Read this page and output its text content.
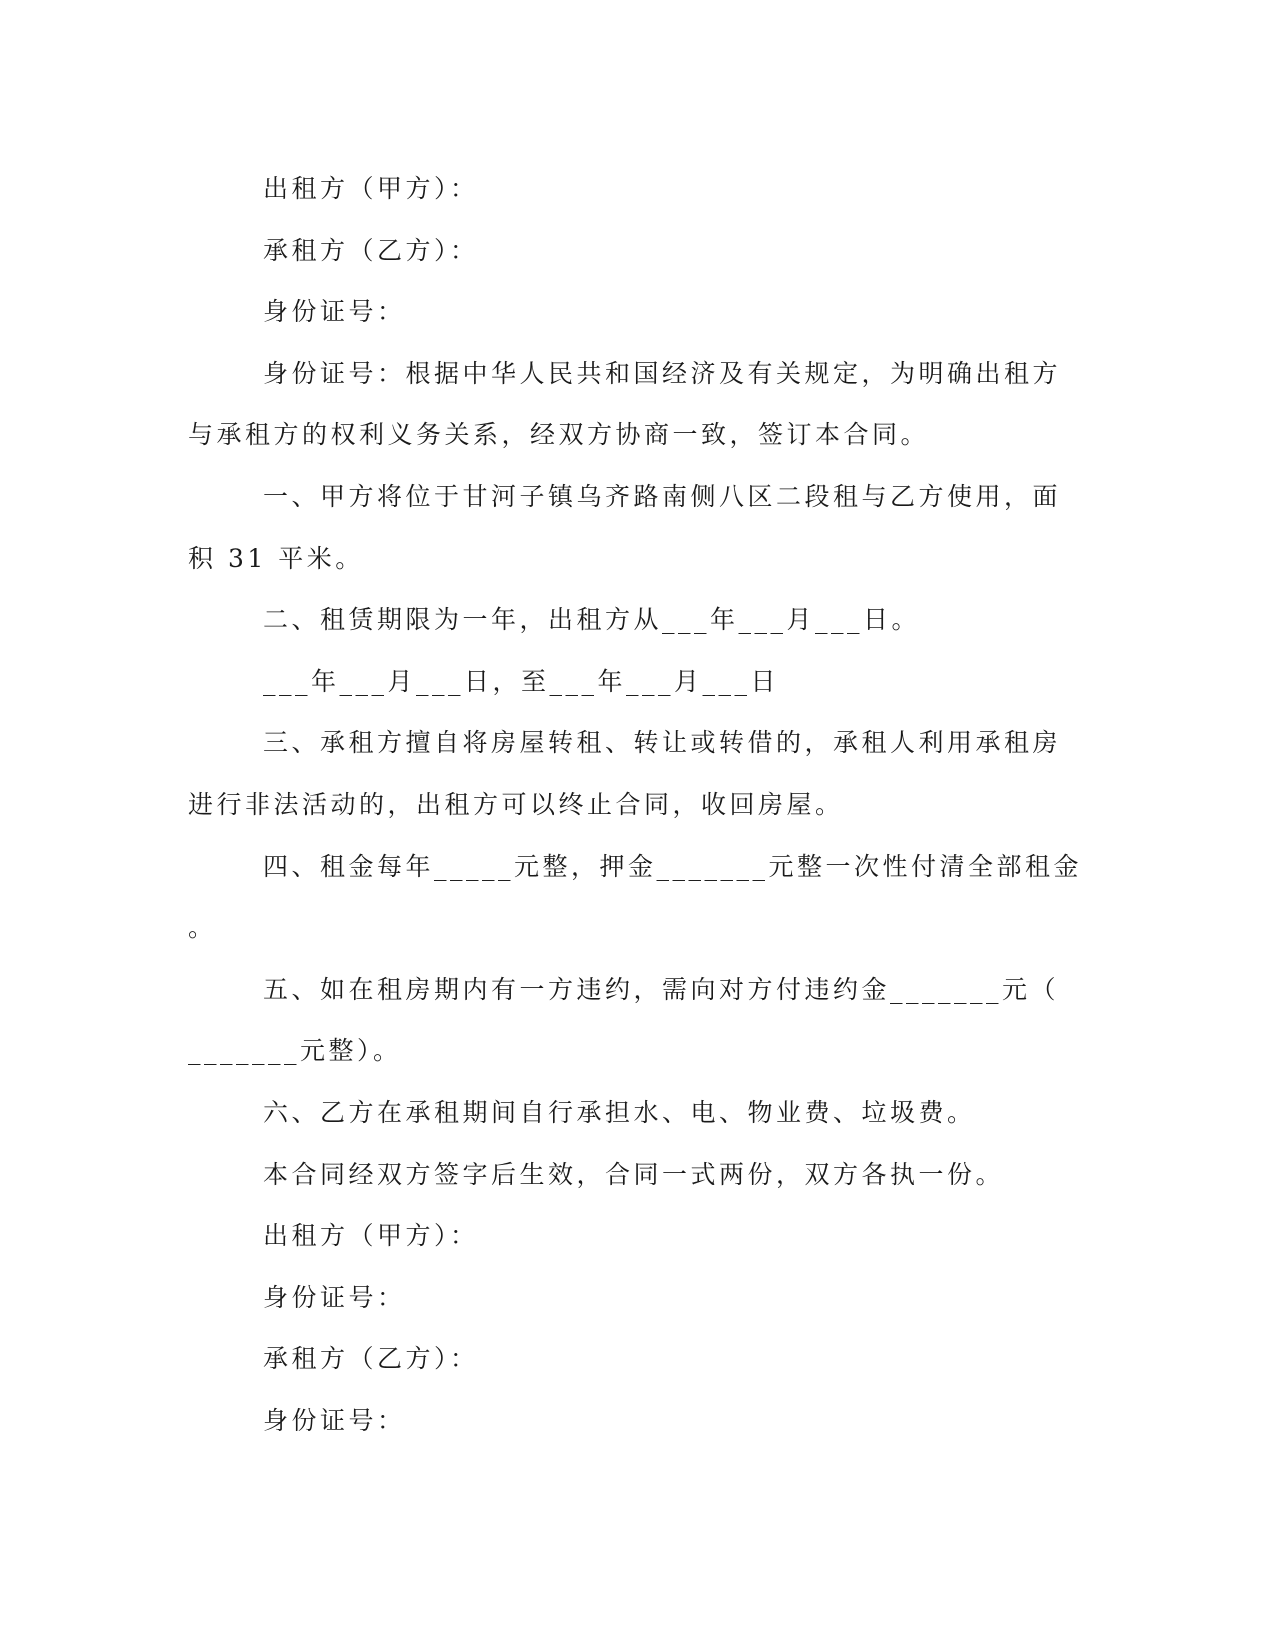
出租方（甲方）：

承租方（乙方）：

身份证号：

身份证号：根据中华人民共和国经济及有关规定，为明确出租方

与承租方的权利义务关系，经双方协商一致，签订本合同。

一、甲方将位于甘河子镇乌齐路南侧八区二段租与乙方使用，面

积 31 平米。

二、租赁期限为一年，出租方从___年___月___日。

___年___月___日，至___年___月___日

三、承租方擅自将房屋转租、转让或转借的，承租人利用承租房

进行非法活动的，出租方可以终止合同，收回房屋。

四、租金每年_____元整，押金_______元整一次性付清全部租金

。

五、如在租房期内有一方违约，需向对方付违约金_______元（

_______元整）。

六、乙方在承租期间自行承担水、电、物业费、垃圾费。

本合同经双方签字后生效，合同一式两份，双方各执一份。

出租方（甲方）：

身份证号：

承租方（乙方）：

身份证号：
